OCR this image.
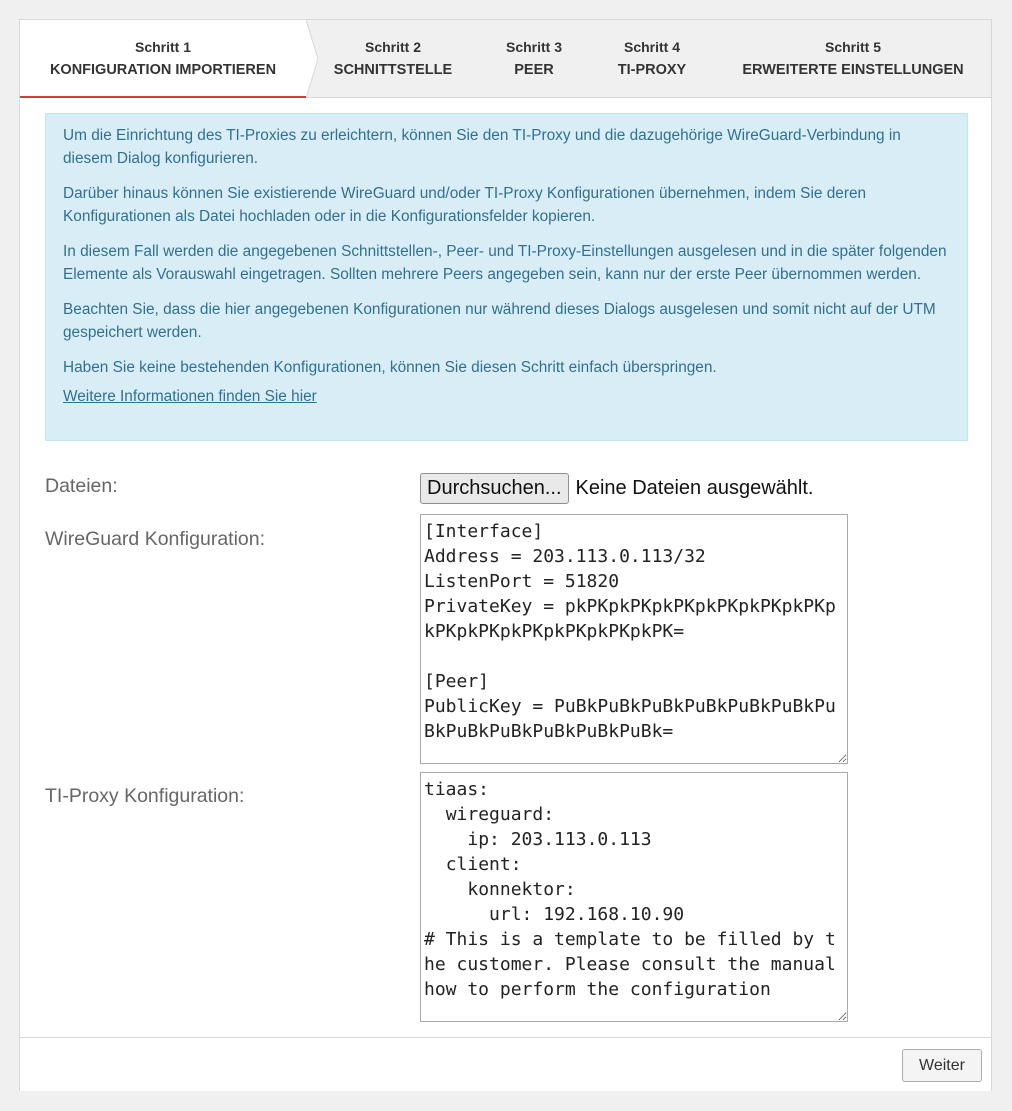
Schritt 1
KONFIGURATION IMPORTIEREN
Schritt 2
SCHNITTSTELLE
Schritt 3
PEER
Schritt 4
TI-PROXY
Schritt 5
ERWEITERTE EINSTELLUNGEN

Um die Einrichtung des TI-Proxies zu erleichtern, können Sie den TI-Proxy und die dazugehörige WireGuard-Verbindung in diesem Dialog konfigurieren.

Darüber hinaus können Sie existierende WireGuard und/oder TI-Proxy Konfigurationen übernehmen, indem Sie deren Konfigurationen als Datei hochladen oder in die Konfigurationsfelder kopieren.

In diesem Fall werden die angegebenen Schnittstellen-, Peer- und TI-Proxy-Einstellungen ausgelesen und in die später folgenden Elemente als Vorauswahl eingetragen. Sollten mehrere Peers angegeben sein, kann nur der erste Peer übernommen werden.

Beachten Sie, dass die hier angegebenen Konfigurationen nur während dieses Dialogs ausgelesen und somit nicht auf der UTM gespeichert werden.

Haben Sie keine bestehenden Konfigurationen, können Sie diesen Schritt einfach überspringen.

Weitere Informationen finden Sie hier
Dateien:	Durchsuchen... Keine Dateien ausgewählt.
WireGuard Konfiguration:
[Interface] Address = 203.113.0.113/32 ListenPort = 51820 PrivateKey = pkPKpkPKpkPKpkPKpkPKpkPKpkPKpkPKpkPKpkPKpkPKpkPK= [Peer] PublicKey = PuBkPuBkPuBkPuBkPuBkPuBkPuBkPuBkPuBkPuBkPuBkPuBk=
TI-Proxy Konfiguration:
tiaas: wireguard: ip: 203.113.0.113 client: konnektor: url: 192.168.10.90 # This is a template to be filled by the customer. Please consult the manual how to perform the configuration
Weiter
